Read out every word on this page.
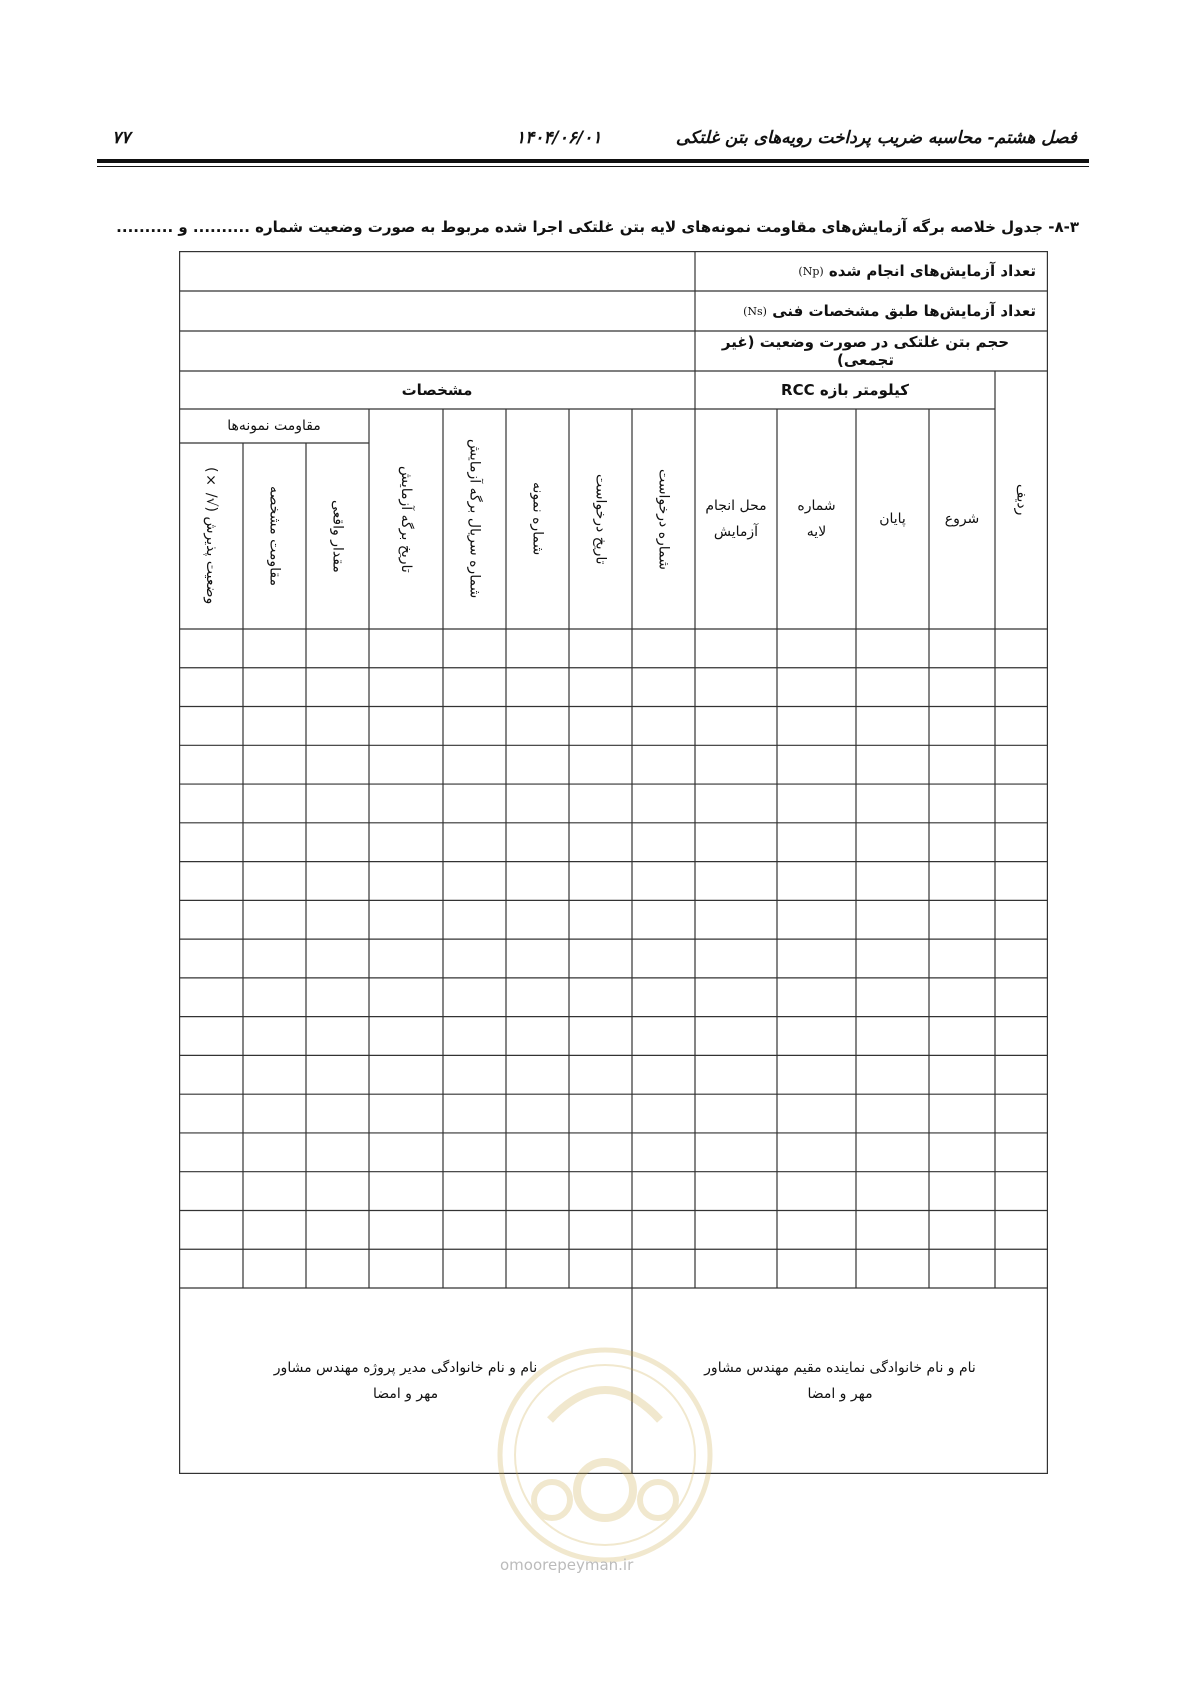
فصل هشتم- محاسبه ضریب پرداخت رویه‌های بتن غلتکی
۱۴۰۴/۰۶/۰۱
۷۷
۸-۳- جدول خلاصه برگه آزمایش‌های مقاومت نمونه‌های لایه بتن غلتکی اجرا شده مربوط به صورت وضعیت شماره .......... و ..........
تعداد آزمایش‌های انجام شده

(Np)
تعداد آزمایش‌ها طبق مشخصات فنی

(Ns)
حجم بتن غلتکی در صورت وضعیت (غیر تجمعی)
کیلومتر بازه RCC
مشخصات
مقاومت نمونه‌ها
ردیف
شروع
پایان
شماره لایه
محل انجام آزمایش
شماره درخواست
تاریخ درخواست
شماره نمونه
شماره سریال برگه آزمایش
تاریخ برگه آزمایش
مقدار واقعی
مقاومت مشخصه
وضعیت پذیرش (√/ ×)
نام و نام خانوادگی مدیر پروژه مهندس مشاور
مهر و امضا
نام و نام خانوادگی نماینده مقیم مهندس مشاور
مهر و امضا
omoorepeyman.ir
